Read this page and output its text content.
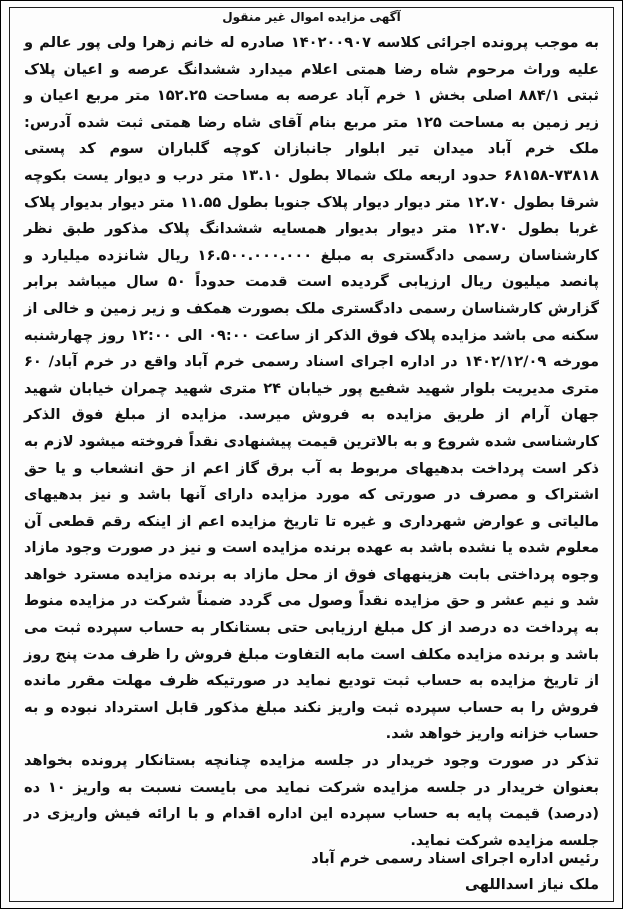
آگهی مزایده اموال غیر منقول

به موجب پرونده اجرائی کلاسه ۱۴۰۲۰۰۹۰۷ صادره له خانم زهرا ولی پور عالم و علیه وراث مرحوم شاه رضا همتی اعلام میدارد ششدانگ عرصه و اعیان پلاک ثبتی ۸۸۴/۱ اصلی بخش ۱ خرم آباد عرصه به مساحت ۱۵۲.۲۵ متر مربع اعیان و زیر زمین به مساحت ۱۲۵ متر مربع بنام آقای شاه رضا همتی ثبت شده آدرس: ملک خرم آباد میدان تیر ابلوار جانبازان کوچه گلباران سوم کد پستی ۷۳۸۱۸-۶۸۱۵۸ حدود اربعه ملک شمالا بطول ۱۳.۱۰ متر درب و دیوار یست بکوچه شرقا بطول ۱۲.۷۰ متر دیوار دیوار پلاک جنوبا بطول ۱۱.۵۵ متر دیوار بدیوار پلاک غربا بطول ۱۲.۷۰ متر دیوار بدیوار همسایه ششدانگ پلاک مذکور طبق نظر کارشناسان رسمی دادگستری به مبلغ ۱۶.۵۰۰.۰۰۰.۰۰۰ ریال شانزده میلیارد و پانصد میلیون ریال ارزیابی گردیده است قدمت حدوداً ۵۰ سال میباشد برابر گزارش کارشناسان رسمی دادگستری ملک بصورت همکف و زیر زمین و خالی از سکنه می باشد مزایده پلاک فوق الذکر از ساعت ۰۹:۰۰ الی ۱۲:۰۰ روز چهارشنبه مورخه ۱۴۰۲/۱۲/۰۹ در اداره اجرای اسناد رسمی خرم آباد واقع در خرم آباد/ ۶۰ متری مدیریت بلوار شهید شفیع پور خیابان ۲۴ متری شهید چمران خیابان شهید جهان آرام از طریق مزایده به فروش میرسد. مزایده از مبلغ فوق الذکر کارشناسی شده شروع و به بالاترین قیمت پیشنهادی نقداً فروخته میشود لازم به ذکر است پرداخت بدهیهای مربوط به آب برق گاز اعم از حق انشعاب و یا حق اشتراک و مصرف در صورتی که مورد مزایده دارای آنها باشد و نیز بدهیهای مالیاتی و عوارض شهرداری و غیره تا تاریخ مزایده اعم از اینکه رقم قطعی آن معلوم شده یا نشده باشد به عهده برنده مزایده است و نیز در صورت وجود مازاد وجوه پرداختی بابت هزینههای فوق از محل مازاد به برنده مزایده مسترد خواهد شد و نیم عشر و حق مزایده نقداً وصول می گردد ضمناً شرکت در مزایده منوط به پرداخت ده درصد از کل مبلغ ارزیابی حتی بستانکار به حساب سپرده ثبت می باشد و برنده مزایده مکلف است مابه التفاوت مبلغ فروش را ظرف مدت پنج روز از تاریخ مزایده به حساب ثبت تودیع نماید در صورتیکه ظرف مهلت مقرر مانده فروش را به حساب سپرده ثبت واریز نکند مبلغ مذکور قابل استرداد نبوده و به حساب خزانه واریز خواهد شد.

تذکر در صورت وجود خریدار در جلسه مزایده چنانچه بستانکار پرونده بخواهد بعنوان خریدار در جلسه مزایده شرکت نماید می بایست نسبت به واریز ۱۰ ده (درصد) قیمت پایه به حساب سپرده این اداره اقدام و با ارائه فیش واریزی در جلسه مزایده شرکت نماید.

رئیس اداره اجرای اسناد رسمی خرم آباد
ملک نیاز اسداللهی
